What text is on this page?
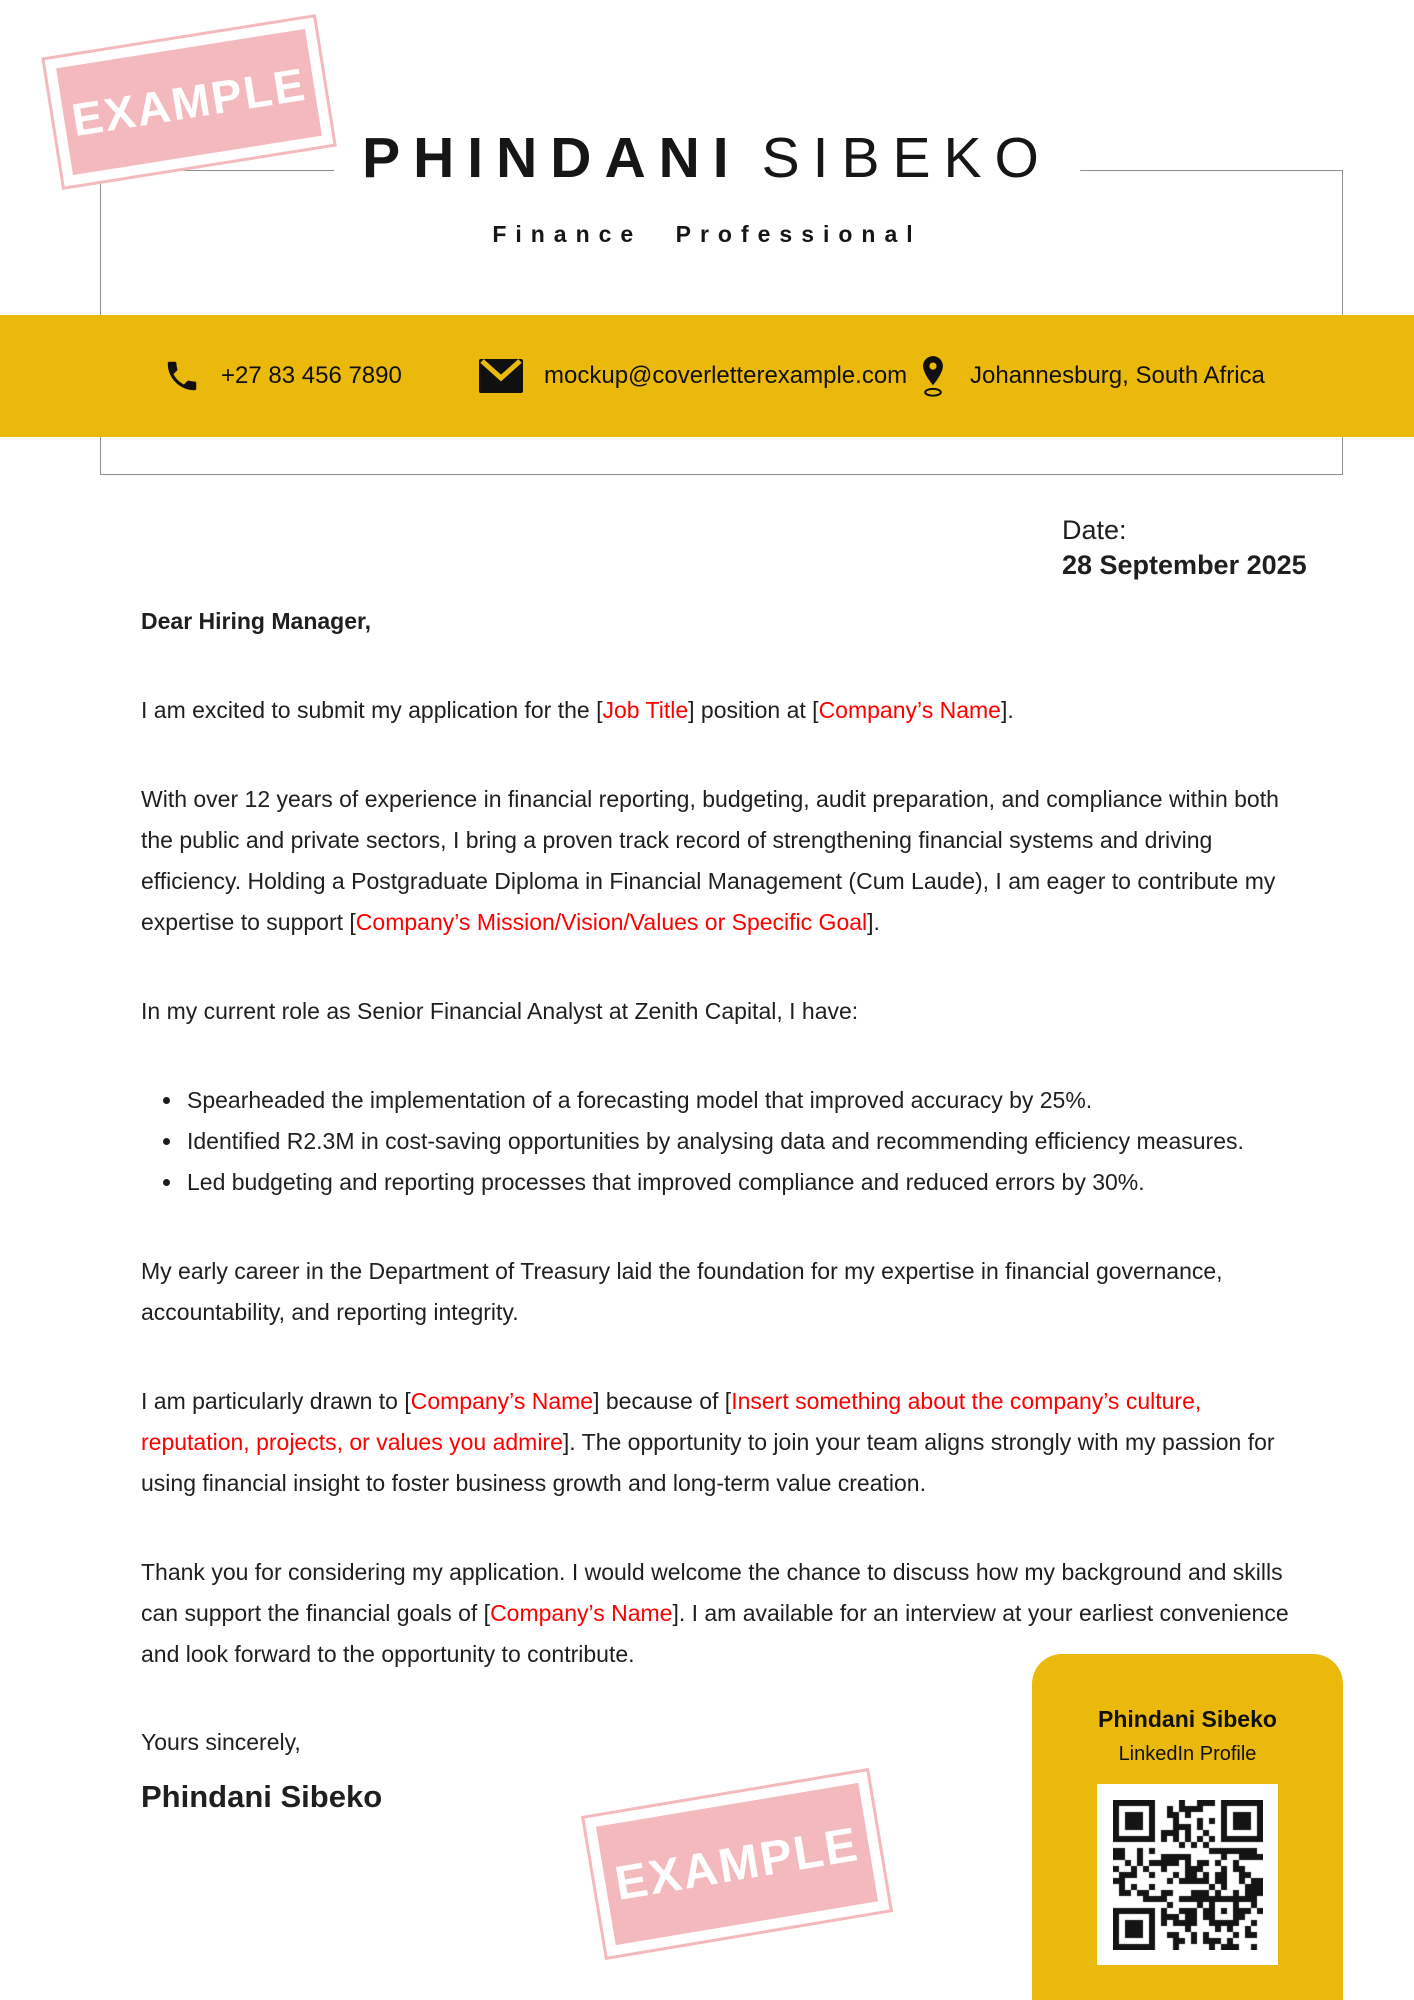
PHINDANI SIBEKO
Finance Professional
+27 83 456 7890	mockup@coverletterexample.com	Johannesburg, South Africa
Date:
28 September 2025

Dear Hiring Manager,

I am excited to submit my application for the [Job Title] position at [Company’s Name].

With over 12 years of experience in financial reporting, budgeting, audit preparation, and compliance within both the public and private sectors, I bring a proven track record of strengthening financial systems and driving efficiency. Holding a Postgraduate Diploma in Financial Management (Cum Laude), I am eager to contribute my expertise to support [Company’s Mission/Vision/Values or Specific Goal].

In my current role as Senior Financial Analyst at Zenith Capital, I have:

Spearheaded the implementation of a forecasting model that improved accuracy by 25%.
Identified R2.3M in cost-saving opportunities by analysing data and recommending efficiency measures.
Led budgeting and reporting processes that improved compliance and reduced errors by 30%.

My early career in the Department of Treasury laid the foundation for my expertise in financial governance, accountability, and reporting integrity.

I am particularly drawn to [Company’s Name] because of [Insert something about the company’s culture, reputation, projects, or values you admire]. The opportunity to join your team aligns strongly with my passion for using financial insight to foster business growth and long-term value creation.

Thank you for considering my application. I would welcome the chance to discuss how my background and skills can support the financial goals of [Company’s Name]. I am available for an interview at your earliest convenience and look forward to the opportunity to contribute.

Yours sincerely,
Phindani Sibeko
EXAMPLE
EXAMPLE
Phindani Sibeko
LinkedIn Profile
